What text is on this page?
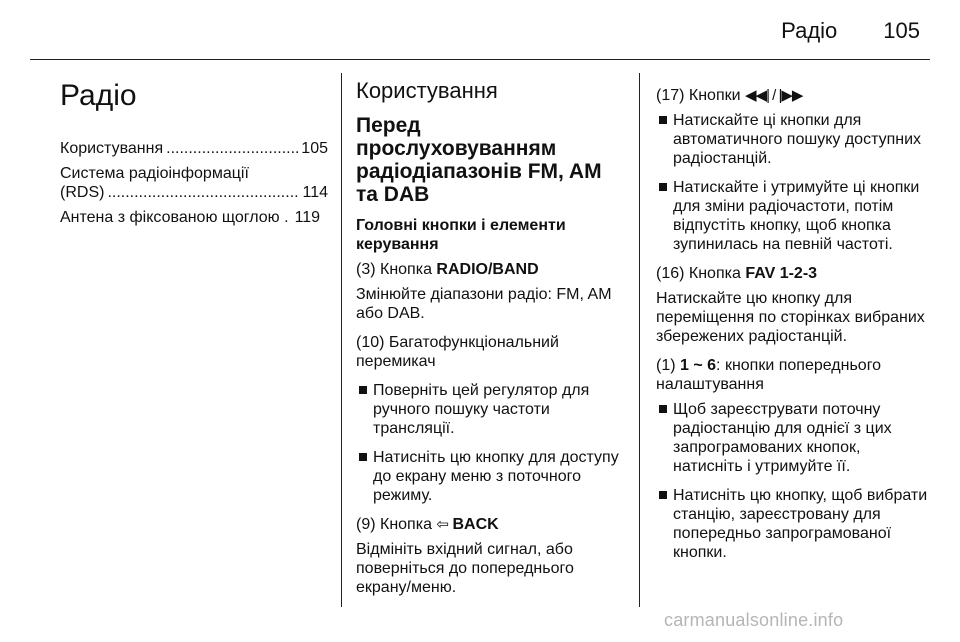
Радіо 105
Радіо
Користування .....	105
Система радіоінформації
(RDS) .....	114
Антена з фіксованою щоглою . 119
Користування
Перед прослуховуванням радіодіапазонів FM, AM та DAB
Головні кнопки і елементи керування
(3) Кнопка RADIO/BAND
Змінюйте діапазони радіо: FM, AM або DAB.
(10) Багатофункціональний перемикач
Поверніть цей регулятор для ручного пошуку частоти трансляції.
Натисніть цю кнопку для доступу до екрану меню з поточного режиму.
(9) Кнопка ⇦ BACK
Відмініть вхідний сигнал, або поверніться до попереднього екрану/меню.
(17) Кнопки ◀◀| / |▶▶
Натискайте ці кнопки для автоматичного пошуку доступних радіостанцій.
Натискайте і утримуйте ці кнопки для зміни радіочастоти, потім відпустіть кнопку, щоб кнопка зупинилась на певній частоті.
(16) Кнопка FAV 1-2-3
Натискайте цю кнопку для переміщення по сторінках вибраних збережених радіостанцій.
(1) 1 ~ 6: кнопки попереднього налаштування
Щоб зареєструвати поточну радіостанцію для однієї з цих запрограмованих кнопок, натисніть і утримуйте її.
Натисніть цю кнопку, щоб вибрати станцію, зареєстровану для попередньо запрограмованої кнопки.
carmanualsonline.info
